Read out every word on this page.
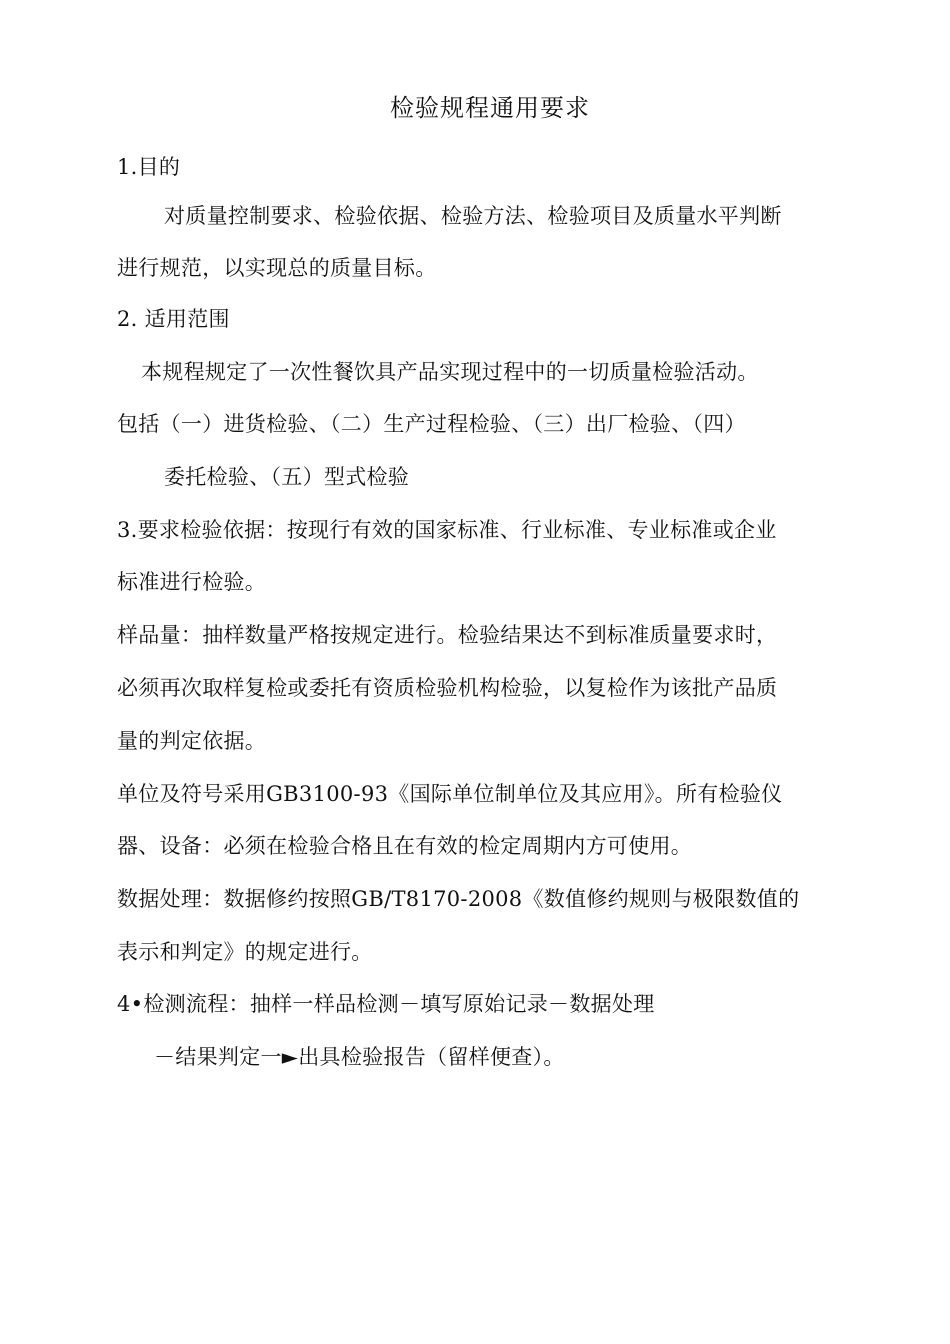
检验规程通用要求
1.目的
对质量控制要求、检验依据、检验方法、检验项目及质量水平判断
进行规范，以实现总的质量目标。
2. 适用范围
本规程规定了一次性餐饮具产品实现过程中的一切质量检验活动。
包括（一）进货检验、（二）生产过程检验、（三）出厂检验、（四）
委托检验、（五）型式检验
3.要求检验依据：按现行有效的国家标准、行业标准、专业标准或企业
标准进行检验。
样品量：抽样数量严格按规定进行。检验结果达不到标准质量要求时，
必须再次取样复检或委托有资质检验机构检验，以复检作为该批产品质
量的判定依据。
单位及符号采用GB3100-93《国际单位制单位及其应用》。所有检验仪
器、设备：必须在检验合格且在有效的检定周期内方可使用。
数据处理：数据修约按照GB/T8170-2008《数值修约规则与极限数值的
表示和判定》的规定进行。
4•检测流程：抽样一样品检测－填写原始记录－数据处理
－结果判定一►出具检验报告（留样便查）。
